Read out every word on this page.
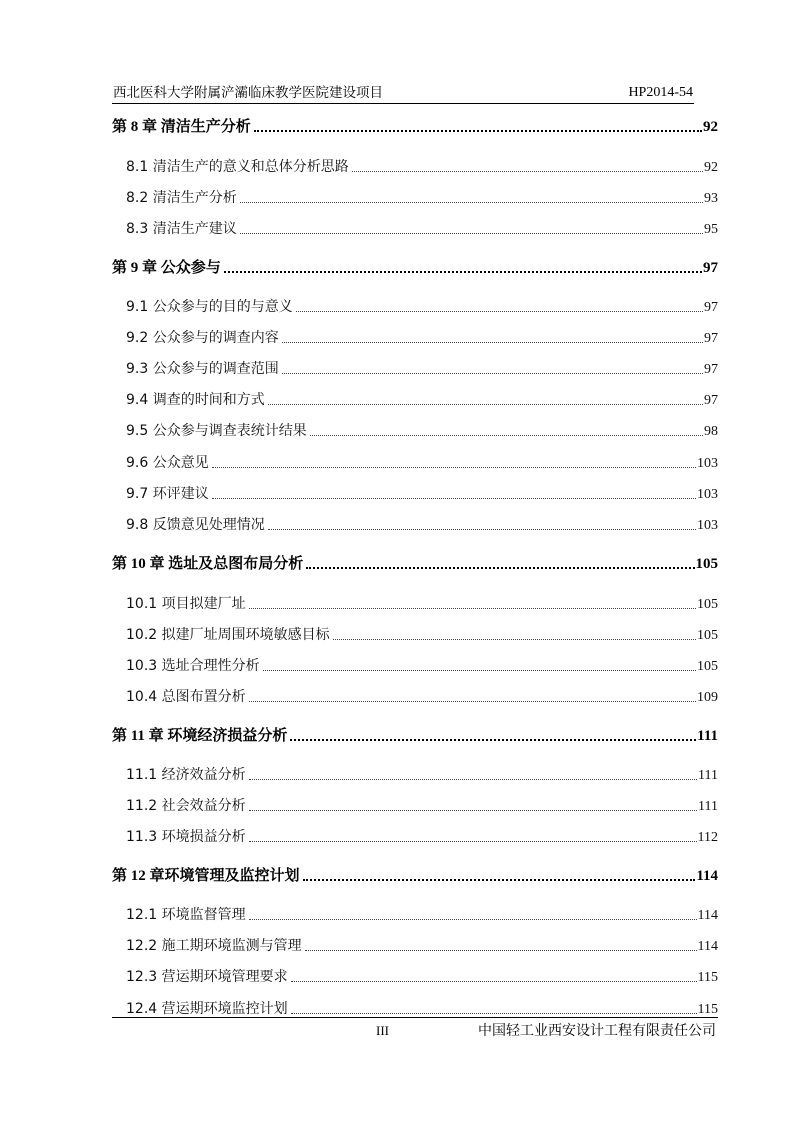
西北医科大学附属浐灞临床教学医院建设项目	HP2014-54
第 8 章 清洁生产分析	92
8.1 清洁生产的意义和总体分析思路	92
8.2 清洁生产分析	93
8.3 清洁生产建议	95
第 9 章 公众参与	97
9.1 公众参与的目的与意义	97
9.2 公众参与的调查内容	97
9.3 公众参与的调查范围	97
9.4 调查的时间和方式	97
9.5 公众参与调查表统计结果	98
9.6 公众意见	103
9.7 环评建议	103
9.8 反馈意见处理情况	103
第 10 章 选址及总图布局分析	105
10.1 项目拟建厂址	105
10.2 拟建厂址周围环境敏感目标	105
10.3 选址合理性分析	105
10.4 总图布置分析	109
第 11 章 环境经济损益分析	111
11.1 经济效益分析	111
11.2 社会效益分析	111
11.3 环境损益分析	112
第 12 章环境管理及监控计划	114
12.1 环境监督管理	114
12.2 施工期环境监测与管理	114
12.3 营运期环境管理要求	115
12.4 营运期环境监控计划	115
III	中国轻工业西安设计工程有限责任公司
